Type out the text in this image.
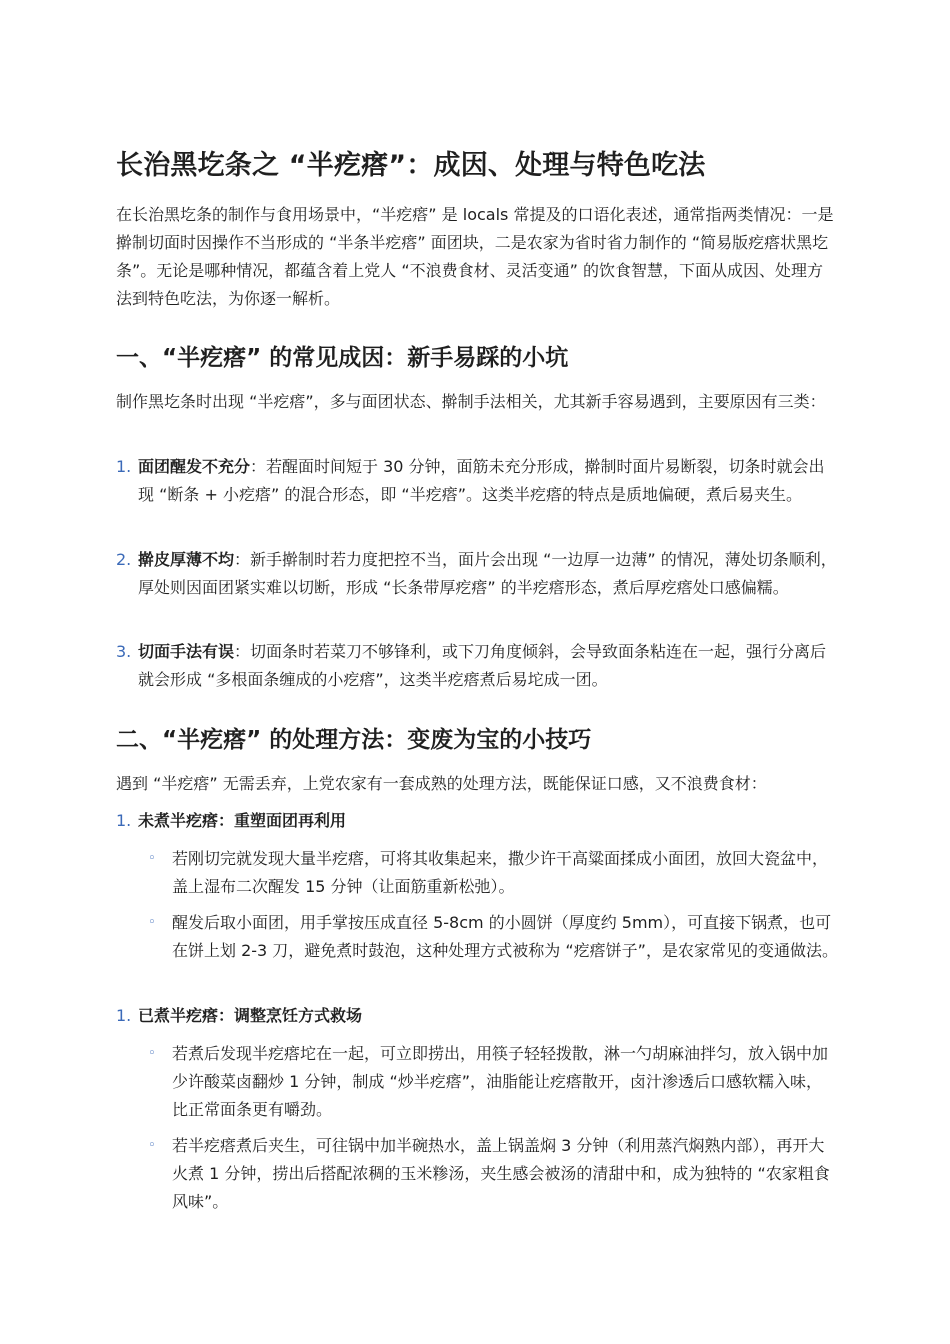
长治黑圪条之 “半疙瘩”：成因、处理与特色吃法

在长治黑圪条的制作与食用场景中，“半疙瘩” 是 locals 常提及的口语化表述，通常指两类情况：一是擀制切面时因操作不当形成的 “半条半疙瘩” 面团块，二是农家为省时省力制作的 “简易版疙瘩状黑圪条”。无论是哪种情况，都蕴含着上党人 “不浪费食材、灵活变通” 的饮食智慧，下面从成因、处理方法到特色吃法，为你逐一解析。

一、“半疙瘩” 的常见成因：新手易踩的小坑

制作黑圪条时出现 “半疙瘩”，多与面团状态、擀制手法相关，尤其新手容易遇到，主要原因有三类：

1. 面团醒发不充分：若醒面时间短于 30 分钟，面筋未充分形成，擀制时面片易断裂，切条时就会出现 “断条 + 小疙瘩” 的混合形态，即 “半疙瘩”。这类半疙瘩的特点是质地偏硬，煮后易夹生。
2. 擀皮厚薄不均：新手擀制时若力度把控不当，面片会出现 “一边厚一边薄” 的情况，薄处切条顺利，厚处则因面团紧实难以切断，形成 “长条带厚疙瘩” 的半疙瘩形态，煮后厚疙瘩处口感偏糯。
3. 切面手法有误：切面条时若菜刀不够锋利，或下刀角度倾斜，会导致面条粘连在一起，强行分离后就会形成 “多根面条缠成的小疙瘩”，这类半疙瘩煮后易坨成一团。
二、“半疙瘩” 的处理方法：变废为宝的小技巧

遇到 “半疙瘩” 无需丢弃，上党农家有一套成熟的处理方法，既能保证口感，又不浪费食材：

1. 未煮半疙瘩：重塑面团再利用
◦ 若刚切完就发现大量半疙瘩，可将其收集起来，撒少许干高粱面揉成小面团，放回大瓷盆中，盖上湿布二次醒发 15 分钟（让面筋重新松弛）。
◦ 醒发后取小面团，用手掌按压成直径 5-8cm 的小圆饼（厚度约 5mm），可直接下锅煮，也可在饼上划 2-3 刀，避免煮时鼓泡，这种处理方式被称为 “疙瘩饼子”，是农家常见的变通做法。
1. 已煮半疙瘩：调整烹饪方式救场
◦ 若煮后发现半疙瘩坨在一起，可立即捞出，用筷子轻轻拨散，淋一勺胡麻油拌匀，放入锅中加少许酸菜卤翻炒 1 分钟，制成 “炒半疙瘩”，油脂能让疙瘩散开，卤汁渗透后口感软糯入味，比正常面条更有嚼劲。
◦ 若半疙瘩煮后夹生，可往锅中加半碗热水，盖上锅盖焖 3 分钟（利用蒸汽焖熟内部），再开大火煮 1 分钟，捞出后搭配浓稠的玉米糁汤，夹生感会被汤的清甜中和，成为独特的 “农家粗食风味”。
